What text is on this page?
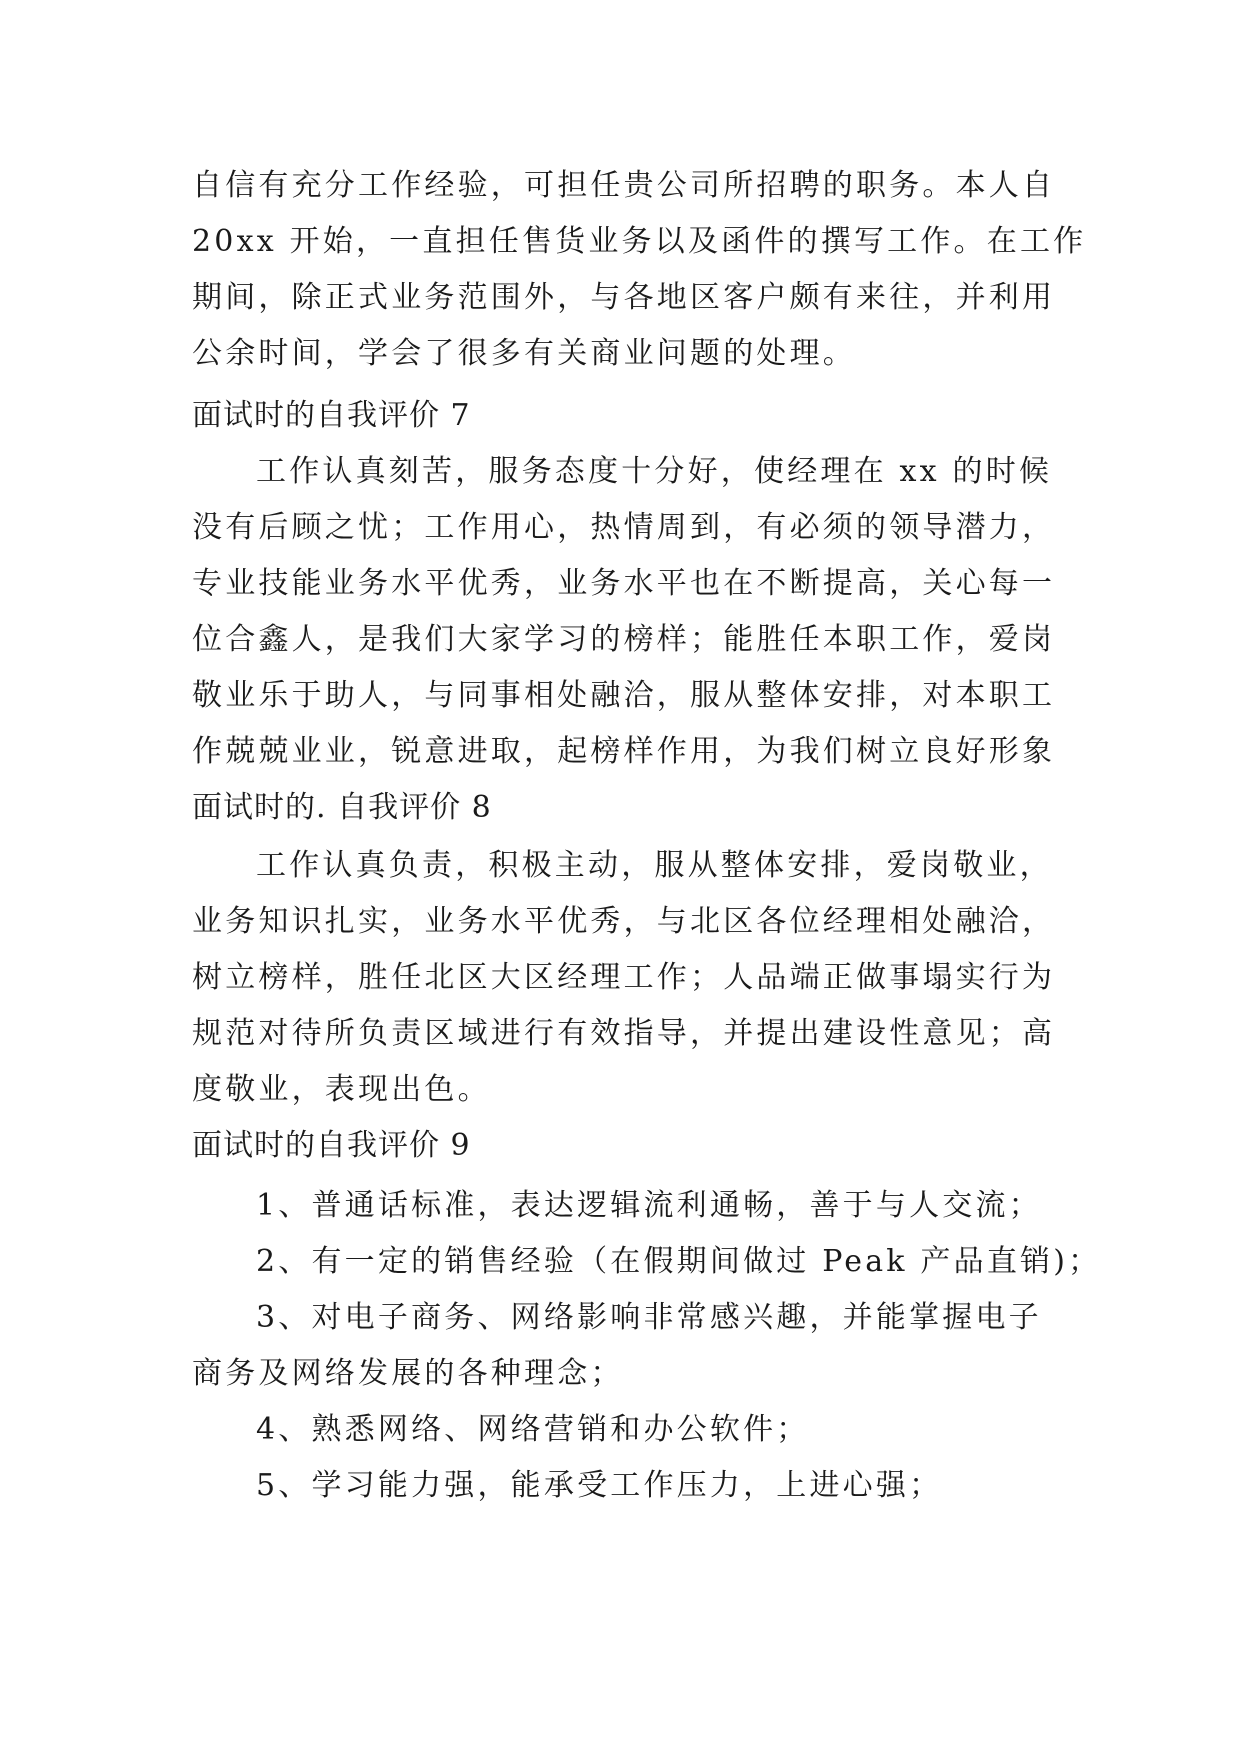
自信有充分工作经验，可担任贵公司所招聘的职务。本人自
20xx 开始，一直担任售货业务以及函件的撰写工作。在工作
期间，除正式业务范围外，与各地区客户颇有来往，并利用
公余时间，学会了很多有关商业问题的处理。
面试时的自我评价 7
工作认真刻苦，服务态度十分好，使经理在 xx 的时候
没有后顾之忧；工作用心，热情周到，有必须的领导潜力，
专业技能业务水平优秀，业务水平也在不断提高，关心每一
位合鑫人，是我们大家学习的榜样；能胜任本职工作，爱岗
敬业乐于助人，与同事相处融洽，服从整体安排，对本职工
作兢兢业业，锐意进取，起榜样作用，为我们树立良好形象
面试时的. 自我评价 8
工作认真负责，积极主动，服从整体安排，爱岗敬业，
业务知识扎实，业务水平优秀，与北区各位经理相处融洽，
树立榜样，胜任北区大区经理工作；人品端正做事塌实行为
规范对待所负责区域进行有效指导，并提出建设性意见；高
度敬业，表现出色。
面试时的自我评价 9
1、普通话标准，表达逻辑流利通畅，善于与人交流；
2、有一定的销售经验（在假期间做过 Peak 产品直销)；
3、对电子商务、网络影响非常感兴趣，并能掌握电子
商务及网络发展的各种理念；
4、熟悉网络、网络营销和办公软件；
5、学习能力强，能承受工作压力，上进心强；
